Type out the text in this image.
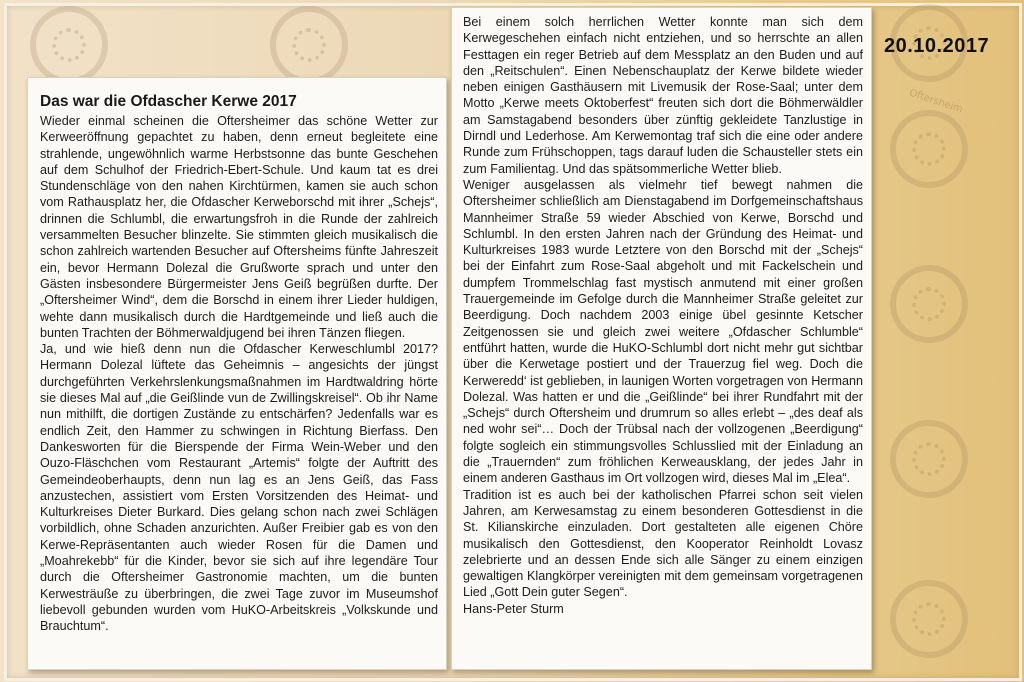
Oftersheim
20.10.2017
Das war die Ofdascher Kerwe 2017

Wieder einmal scheinen die Oftersheimer das schöne Wetter zur Kerweeröffnung gepachtet zu haben, denn erneut begleitete eine strahlende, ungewöhnlich warme Herbstsonne das bunte Geschehen auf dem Schulhof der Friedrich-Ebert-Schule. Und kaum tat es drei Stundenschläge von den nahen Kirchtürmen, kamen sie auch schon vom Rathausplatz her, die Ofdascher Kerweborschd mit ihrer „Schejs“, drinnen die Schlumbl, die erwartungsfroh in die Runde der zahlreich versammelten Besucher blinzelte. Sie stimmten gleich musikalisch die schon zahlreich wartenden Besucher auf Oftersheims fünfte Jahreszeit ein, bevor Hermann Dolezal die Grußworte sprach und unter den Gästen insbesondere Bürgermeister Jens Geiß begrüßen durfte. Der „Oftersheimer Wind“, dem die Borschd in einem ihrer Lieder huldigen, wehte dann musikalisch durch die Hardtgemeinde und ließ auch die bunten Trachten der Böhmerwaldjugend bei ihren Tänzen fliegen.

Ja, und wie hieß denn nun die Ofdascher Kerweschlumbl 2017? Hermann Dolezal lüftete das Geheimnis – angesichts der jüngst durchgeführten Verkehrslenkungsmaßnahmen im Hardtwaldring hörte sie dieses Mal auf „die Geißlinde vun de Zwillingskreisel“. Ob ihr Name nun mithilft, die dortigen Zustände zu entschärfen? Jedenfalls war es endlich Zeit, den Hammer zu schwingen in Richtung Bierfass. Den Dankesworten für die Bierspende der Firma Wein-Weber und den Ouzo-Fläschchen vom Restaurant „Artemis“ folgte der Auftritt des Gemeindeoberhaupts, denn nun lag es an Jens Geiß, das Fass anzustechen, assistiert vom Ersten Vorsitzenden des Heimat- und Kulturkreises Dieter Burkard. Dies gelang schon nach zwei Schlägen vorbildlich, ohne Schaden anzurichten. Außer Freibier gab es von den Kerwe-Repräsentanten auch wieder Rosen für die Damen und „Moahrekebb“ für die Kinder, bevor sie sich auf ihre legendäre Tour durch die Oftersheimer Gastronomie machten, um die bunten Kerwesträuße zu überbringen, die zwei Tage zuvor im Museumshof liebevoll gebunden wurden vom HuKO-Arbeitskreis „Volkskunde und Brauchtum“.

Bei einem solch herrlichen Wetter konnte man sich dem Kerwegeschehen einfach nicht entziehen, und so herrschte an allen Festtagen ein reger Betrieb auf dem Messplatz an den Buden und auf den „Reitschulen“. Einen Nebenschauplatz der Kerwe bildete wieder neben einigen Gasthäusern mit Livemusik der Rose-Saal; unter dem Motto „Kerwe meets Oktoberfest“ freuten sich dort die Böhmerwäldler am Samstagabend besonders über zünftig gekleidete Tanzlustige in Dirndl und Lederhose. Am Kerwemontag traf sich die eine oder andere Runde zum Frühschoppen, tags darauf luden die Schausteller stets ein zum Familientag. Und das spätsommerliche Wetter blieb.

Weniger ausgelassen als vielmehr tief bewegt nahmen die Oftersheimer schließlich am Dienstagabend im Dorfgemeinschaftshaus Mannheimer Straße 59 wieder Abschied von Kerwe, Borschd und Schlumbl. In den ersten Jahren nach der Gründung des Heimat- und Kulturkreises 1983 wurde Letztere von den Borschd mit der „Schejs“ bei der Einfahrt zum Rose-Saal abgeholt und mit Fackelschein und dumpfem Trommelschlag fast mystisch anmutend mit einer großen Trauergemeinde im Gefolge durch die Mannheimer Straße geleitet zur Beerdigung. Doch nachdem 2003 einige übel gesinnte Ketscher Zeitgenossen sie und gleich zwei weitere „Ofdascher Schlumble“ entführt hatten, wurde die HuKO-Schlumbl dort nicht mehr gut sichtbar über die Kerwetage postiert und der Trauerzug fiel weg. Doch die Kerweredd‘ ist geblieben, in launigen Worten vorgetragen von Hermann Dolezal. Was hatten er und die „Geißlinde“ bei ihrer Rundfahrt mit der „Schejs“ durch Oftersheim und drumrum so alles erlebt – „des deaf als ned wohr sei“… Doch der Trübsal nach der vollzogenen „Beerdigung“ folgte sogleich ein stimmungsvolles Schlusslied mit der Einladung an die „Trauernden“ zum fröhlichen Kerweausklang, der jedes Jahr in einem anderen Gasthaus im Ort vollzogen wird, dieses Mal im „Elea“.

Tradition ist es auch bei der katholischen Pfarrei schon seit vielen Jahren, am Kerwesamstag zu einem besonderen Gottesdienst in die St. Kilianskirche einzuladen. Dort gestalteten alle eigenen Chöre musikalisch den Gottesdienst, den Kooperator Reinholdt Lovasz zelebrierte und an dessen Ende sich alle Sänger zu einem einzigen gewaltigen Klangkörper vereinigten mit dem gemeinsam vorgetragenen Lied „Gott Dein guter Segen“.

Hans-Peter Sturm
